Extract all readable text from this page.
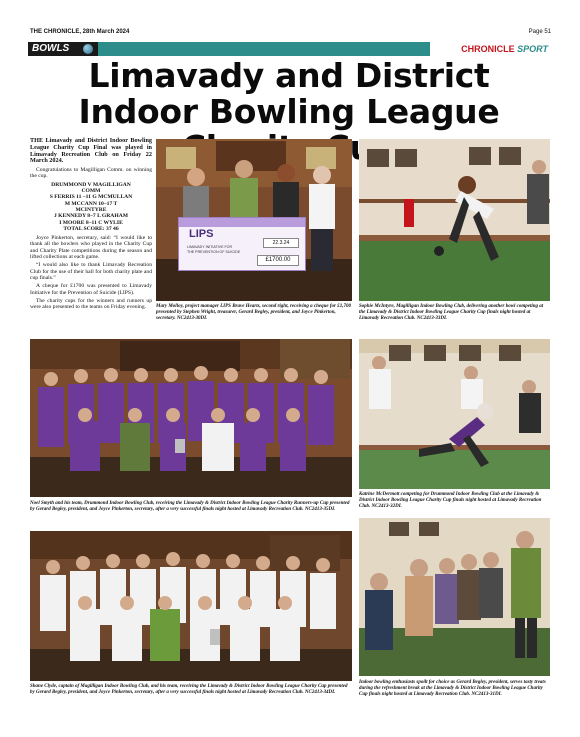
THE CHRONICLE, 28th March 2024	Page 51
BOWLS	CHRONICLE SPORT
Limavady and District Indoor Bowling League

THE Limavady and District Indoor Bowling League Charity Cup Final was played in Limavady Recreation Club on Friday 22 March 2024.

Congratulations to Magilligan Comm. on winning the cup.

DRUMMOND V MAGILLIGAN

COMM

S FERRIS 11 –11 G MCMULLAN

M MCCANN 10–17 T

MCINTYRE

J KENNEDY 8–7 L GRAHAM

I MOORE 8–11 C WYLIE

TOTAL SCORE: 37 46

Joyce Pinkerton, secretary, said: “I would like to thank all the bowlers who played in the Charity Cup and Charity Plate competitions during the season and lifted collections at each game.

“I would also like to thank Limavady Recreation Club for the use of their hall for both charity plate and cup finals.”

A cheque for £1700 was presented to Limavady Initiative for the Prevention of Suicide (LIPS).

The charity cups for the winners and runners up were also presented to the teams on Friday evening.

LIPS
LIMAVADY INITIATIVE FOR
THE PREVENTION OF SUICIDE
22.3.24
£1700.00
Mary Molloy, project manager LIPS Brave Hearts, second right, receiving a cheque for £1,700 presented by Stephen Wright, treasurer, Gerard Begley, president, and Joyce Pinkerton, secretary. NC2413-30DL
Sophie McIntyre, Magilligan Indoor Bowling Club, delivering another bowl competing at the Limavady & District Indoor Bowling League Charity Cup finals night hosted at Limavady Recreation Club. NC2413-33DL
Noel Smyth and his team, Drummond Indoor Bowling Club, receiving the Limavady & District Indoor Bowling League Charity Runners-up Cup presented by Gerard Begley, president, and Joyce Pinkerton, secretary, after a very successful finals night hosted at Limavady Recreation Club. NC2413-35DL
Katrine McDermott competing for Drummond Indoor Bowling Club at the Limavady & District Indoor Bowling League Charity Cup finals night hosted at Limavady Recreation Club. NC2413-32DL
Shane Clyde, captain of Magilligan Indoor Bowling Club, and his team, receiving the Limavady & District Indoor Bowling League Charity Cup presented by Gerard Begley, president, and Joyce Pinkerton, secretary, after a very successful finals night hosted at Limavady Recreation Club. NC2413-34DL
Indoor bowling enthusiasts spoilt for choice as Gerard Begley, president, serves tasty treats during the refreshment break at the Limavady & District Indoor Bowling League Charity Cup finals night hosted at Limavady Recreation Club. NC2413-31DL
